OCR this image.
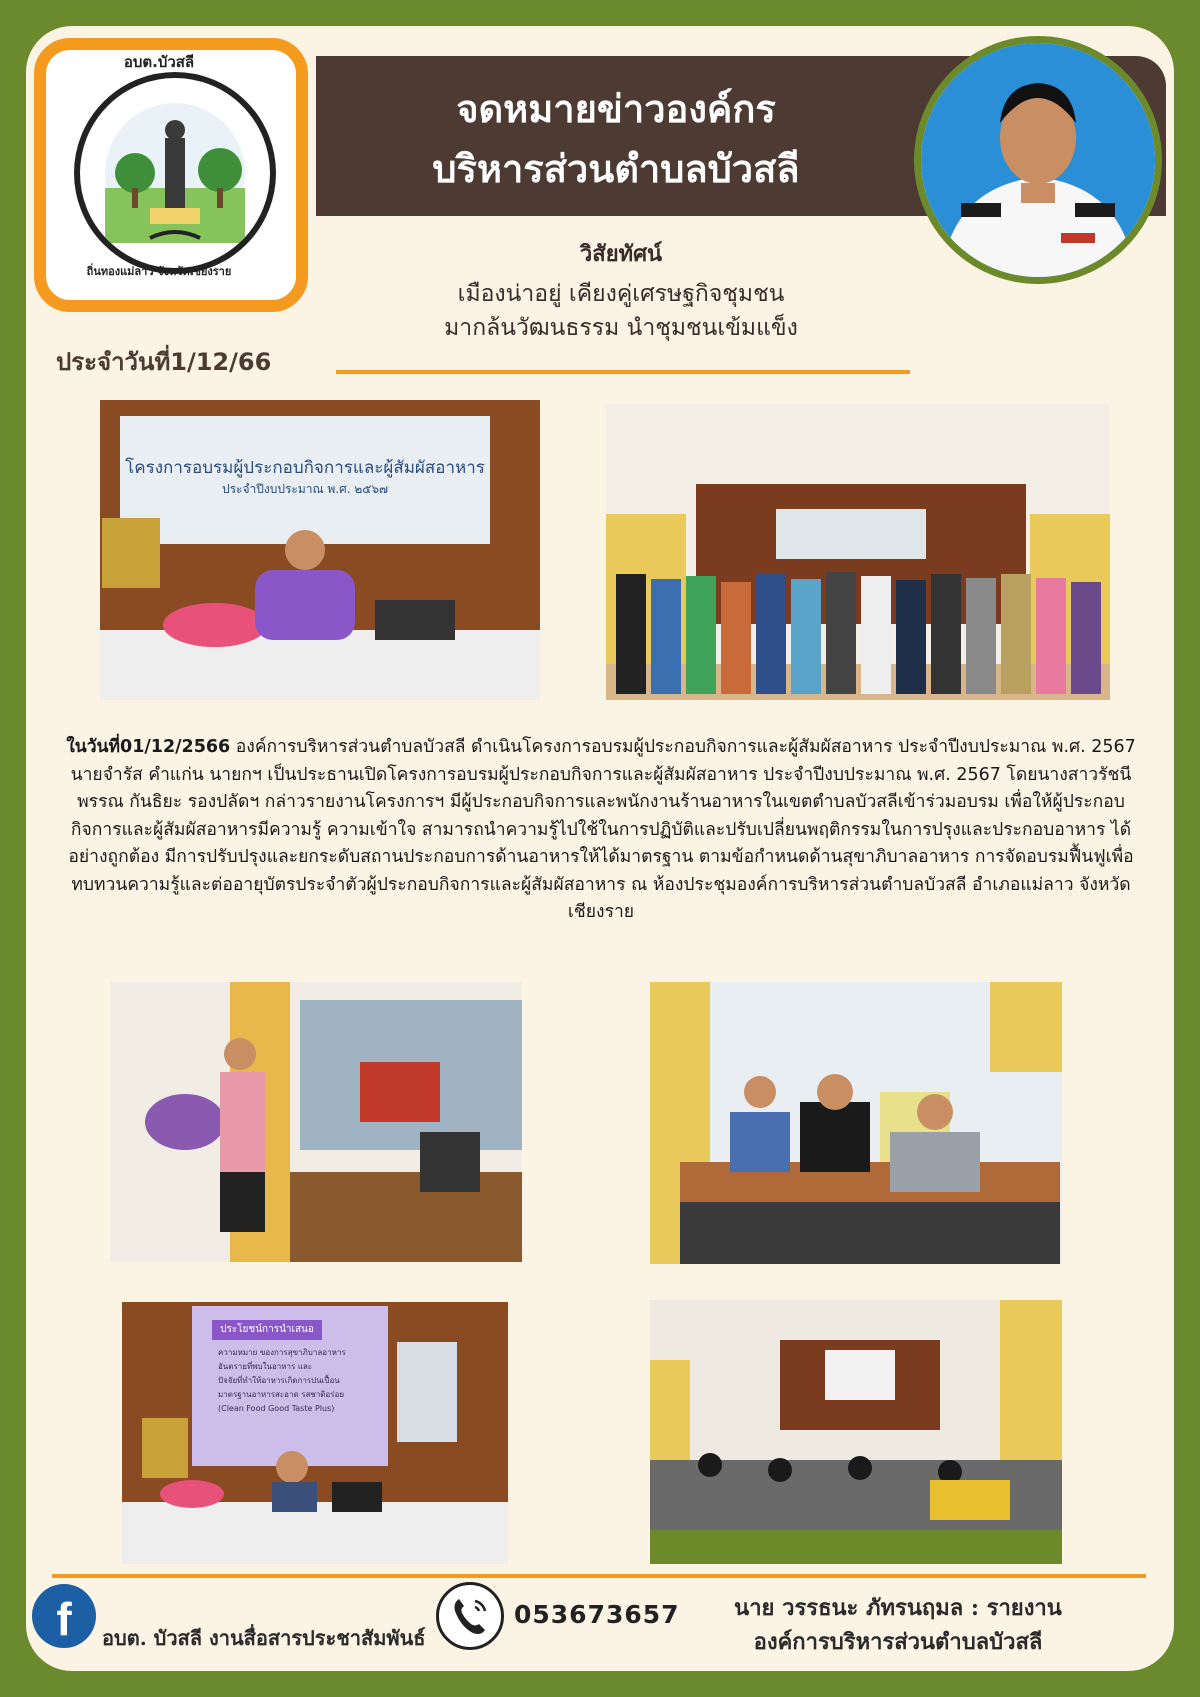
จดหมายข่าวองค์กร
บริหารส่วนตำบลบัวสลี
อบต.บัวสลี
ถิ่นทองแม่ลาว จังหวัดเชียงราย
วิสัยทัศน์
เมืองน่าอยู่ เคียงคู่เศรษฐกิจชุมชน
มากล้นวัฒนธรรม นำชุมชนเข้มแข็ง
ประจำวันที่1/12/66
โครงการอบรมผู้ประกอบกิจการและผู้สัมผัสอาหาร
ประจำปีงบประมาณ พ.ศ. ๒๕๖๗
ในวันที่01/12/2566 องค์การบริหารส่วนตำบลบัวสลี ดำเนินโครงการอบรมผู้ประกอบกิจการและผู้สัมผัสอาหาร ประจำปีงบประมาณ พ.ศ. 2567
นายจำรัส คำแก่น นายกฯ เป็นประธานเปิดโครงการอบรมผู้ประกอบกิจการและผู้สัมผัสอาหาร ประจำปีงบประมาณ พ.ศ. 2567 โดยนางสาวรัชนีพรรณ กันธิยะ รองปลัดฯ กล่าวรายงานโครงการฯ มีผู้ประกอบกิจการและพนักงานร้านอาหารในเขตตำบลบัวสลีเข้าร่วมอบรม เพื่อให้ผู้ประกอบกิจการและผู้สัมผัสอาหารมีความรู้ ความเข้าใจ สามารถนำความรู้ไปใช้ในการปฏิบัติและปรับเปลี่ยนพฤติกรรมในการปรุงและประกอบอาหาร ได้อย่างถูกต้อง มีการปรับปรุงและยกระดับสถานประกอบการด้านอาหารให้ได้มาตรฐาน ตามข้อกำหนดด้านสุขาภิบาลอาหาร การจัดอบรมฟื้นฟูเพื่อทบทวนความรู้และต่ออายุบัตรประจำตัวผู้ประกอบกิจการและผู้สัมผัสอาหาร ณ ห้องประชุมองค์การบริหารส่วนตำบลบัวสลี อำเภอแม่ลาว จังหวัดเชียงราย
ประโยชน์การนำเสนอ
ความหมาย ของการสุขาภิบาลอาหาร
อันตรายที่พบในอาหาร และ
ปัจจัยที่ทำให้อาหารเกิดการปนเปื้อน
มาตรฐานอาหารสะอาด รสชาติอร่อย
(Clean Food Good Taste Plus)
f	อบต. บัวสลี งานสื่อสารประชาสัมพันธ์
053673657	นาย วรรธนะ ภัทรนฤมล : รายงาน
องค์การบริหารส่วนตำบลบัวสลี
